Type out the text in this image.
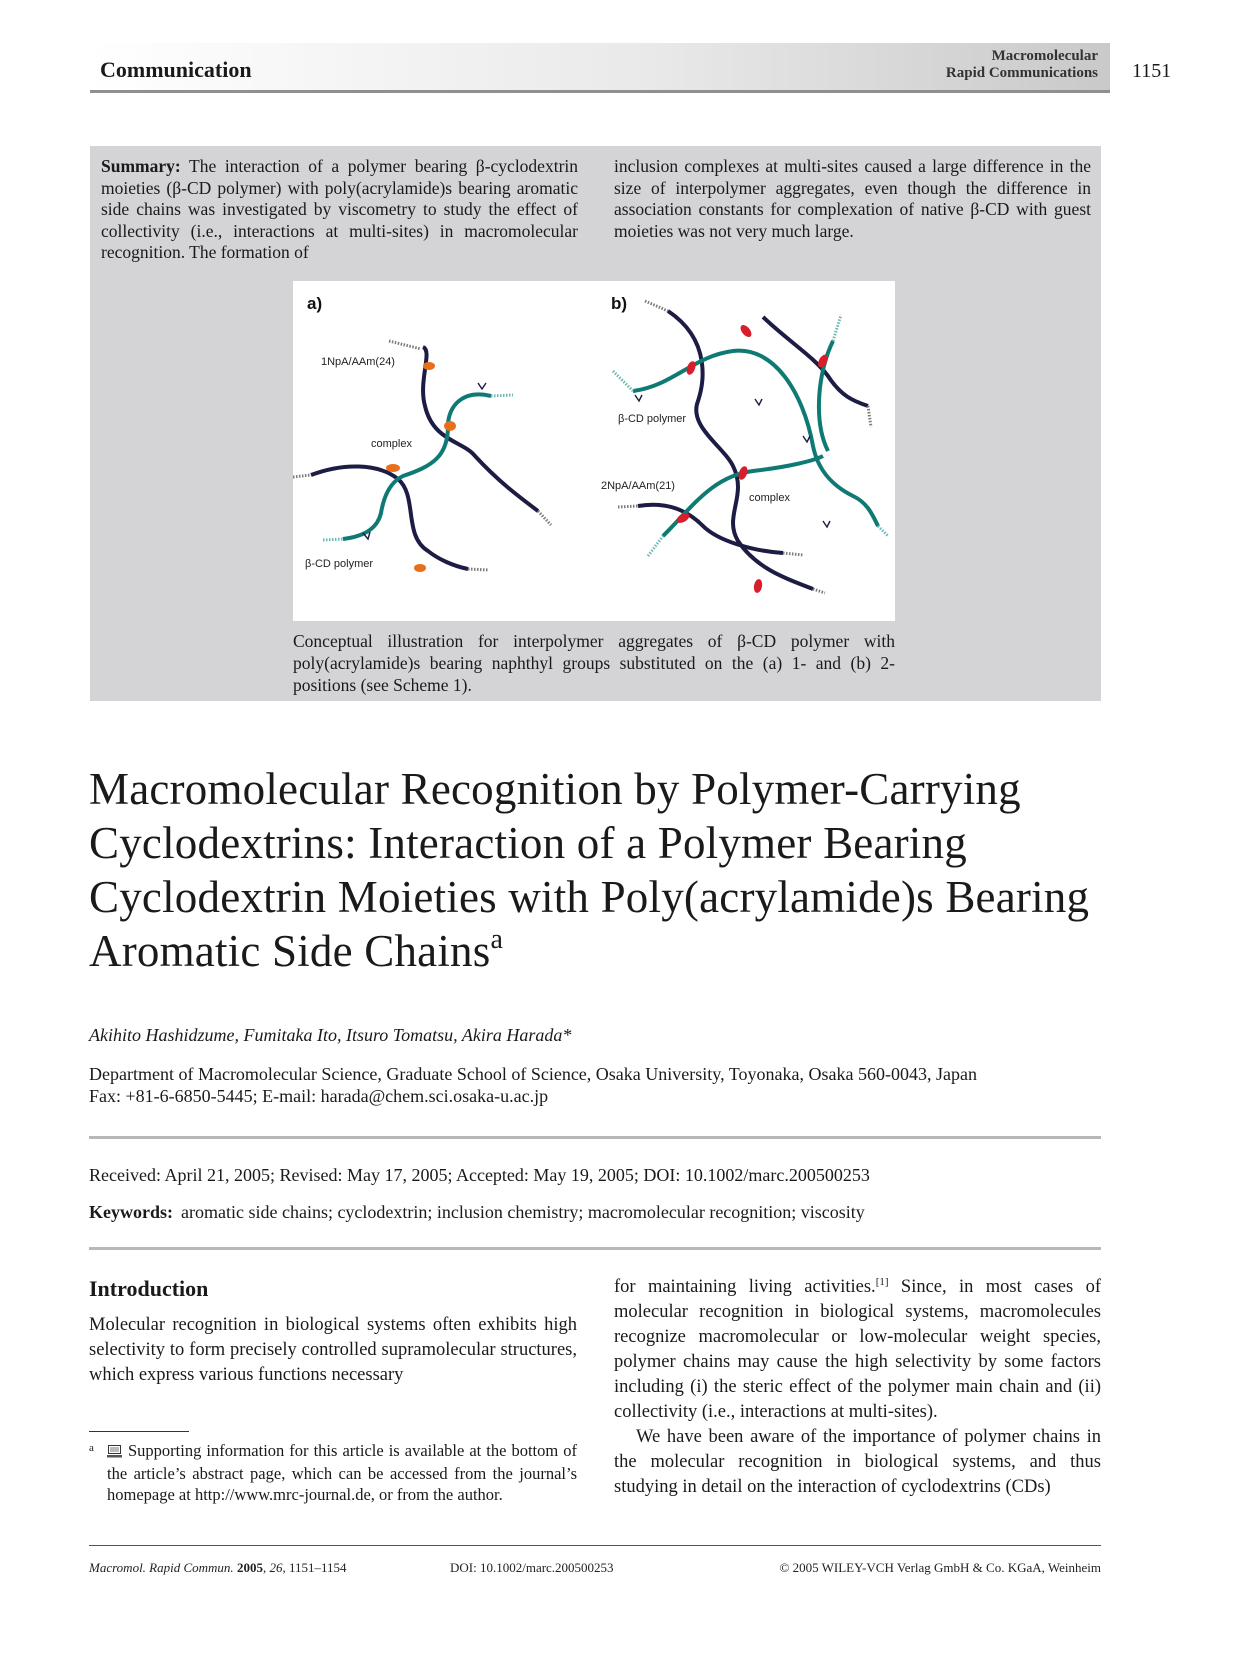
Communication
Macromolecular
Rapid Communications 1151
Summary: The interaction of a polymer bearing β-cyclodextrin moieties (β-CD polymer) with poly(acrylamide)s bearing aromatic side chains was investigated by viscometry to study the effect of collectivity (i.e., interactions at multi-sites) in macromolecular recognition. The formation of
inclusion complexes at multi-sites caused a large difference in the size of interpolymer aggregates, even though the difference in association constants for complexation of native β-CD with guest moieties was not very much large.
a)
1NpA/AAm(24)
complex
β-CD polymer
b)
β-CD polymer
2NpA/AAm(21)
complex
Conceptual illustration for interpolymer aggregates of β-CD polymer with poly(acrylamide)s bearing naphthyl groups substituted on the (a) 1- and (b) 2-positions (see Scheme 1).
Macromolecular Recognition by Polymer-Carrying Cyclodextrins: Interaction of a Polymer Bearing Cyclodextrin Moieties with Poly(acrylamide)s Bearing Aromatic Side Chains$^a$
Akihito Hashidzume, Fumitaka Ito, Itsuro Tomatsu, Akira Harada*
Department of Macromolecular Science, Graduate School of Science, Osaka University, Toyonaka, Osaka 560-0043, Japan
Fax: +81-6-6850-5445; E-mail: harada@chem.sci.osaka-u.ac.jp
Received: April 21, 2005; Revised: May 17, 2005; Accepted: May 19, 2005; DOI: 10.1002/marc.200500253
Keywords: aromatic side chains; cyclodextrin; inclusion chemistry; macromolecular recognition; viscosity
Introduction
Molecular recognition in biological systems often exhibits high selectivity to form precisely controlled supramolecular structures, which express various functions necessary
for maintaining living activities.[1] Since, in most cases of molecular recognition in biological systems, macromolecules recognize macromolecular or low-molecular weight species, polymer chains may cause the high selectivity by some factors including (i) the steric effect of the polymer main chain and (ii) collectivity (i.e., interactions at multi-sites).
We have been aware of the importance of polymer chains in the molecular recognition in biological systems, and thus studying in detail on the interaction of cyclodextrins (CDs)
a	Supporting information for this article is available at the bottom of the article’s abstract page, which can be accessed from the journal’s homepage at http://www.mrc-journal.de, or from the author.
Macromol. Rapid Commun. 2005, 26, 1151–1154	DOI: 10.1002/marc.200500253	© 2005 WILEY-VCH Verlag GmbH & Co. KGaA, Weinheim
